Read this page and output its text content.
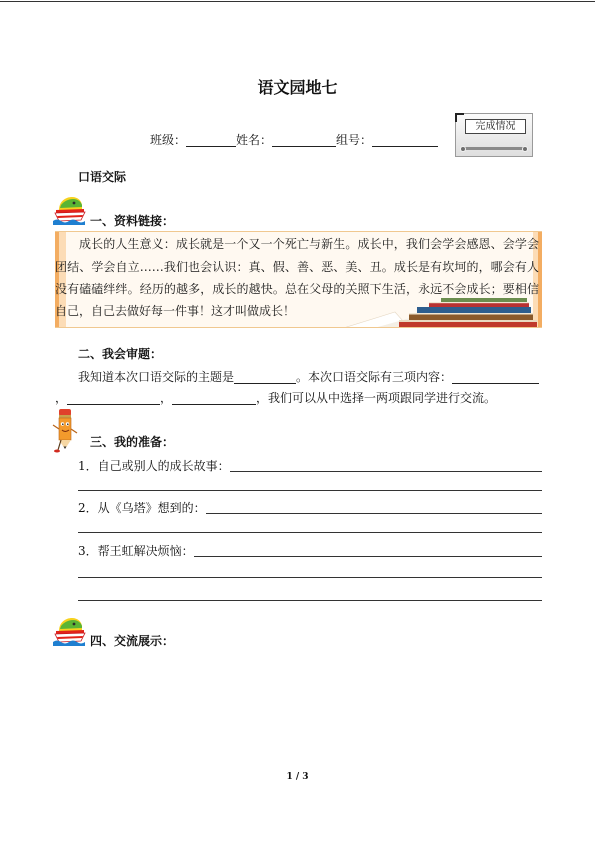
语文园地七
班级：	姓名：	组号：
完成情况
口语交际
一、资料链接：
成长的人生意义：成长就是一个又一个死亡与新生。成长中，我们会学会感恩、会学会
团结、学会自立……我们也会认识：真、假、善、恶、美、丑。成长是有坎坷的，哪会有人
没有磕磕绊绊。经历的越多，成长的越快。总在父母的关照下生活，永远不会成长；要相信
自己，自己去做好每一件事！这才叫做成长！
二、我会审题：
我知道本次口语交际的主题是	。本次口语交际有三项内容：
，	，	，我们可以从中选择一两项跟同学进行交流。
三、我的准备：
1．自己或别人的成长故事：
2．从《乌塔》想到的：
3．帮王虹解决烦恼：
四、交流展示：
1 / 3
